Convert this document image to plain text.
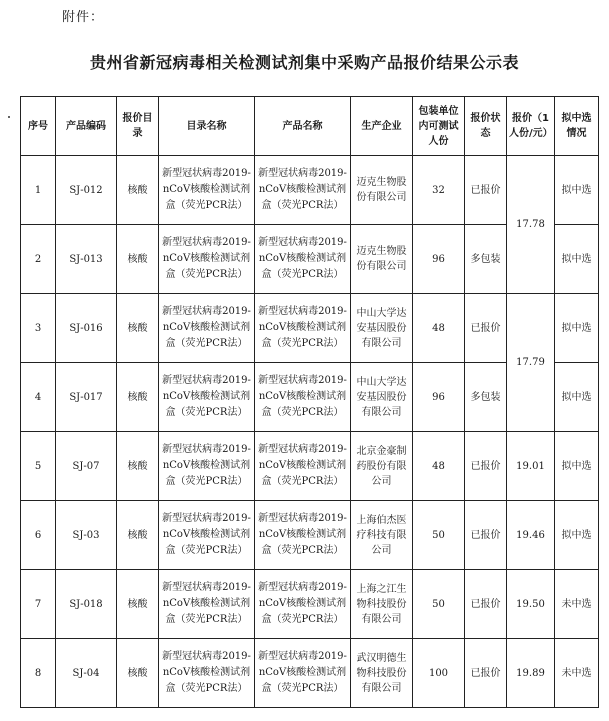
附件：
贵州省新冠病毒相关检测试剂集中采购产品报价结果公示表
序号	产品编码	报价目录	目录名称	产品名称	生产企业	包装单位内可测试人份	报价状态	报价（1人份/元）	拟中选情况
1	SJ-012	核酸	新型冠状病毒2019-nCoV核酸检测试剂盒（荧光PCR法）	新型冠状病毒2019-nCoV核酸检测试剂盒（荧光PCR法）	迈克生物股份有限公司	32	已报价	17.78	拟中选
2	SJ-013	核酸	新型冠状病毒2019-nCoV核酸检测试剂盒（荧光PCR法）	新型冠状病毒2019-nCoV核酸检测试剂盒（荧光PCR法）	迈克生物股份有限公司	96	多包装		拟中选
3	SJ-016	核酸	新型冠状病毒2019-nCoV核酸检测试剂盒（荧光PCR法）	新型冠状病毒2019-nCoV核酸检测试剂盒（荧光PCR法）	中山大学达安基因股份有限公司	48	已报价	17.79	拟中选
4	SJ-017	核酸	新型冠状病毒2019-nCoV核酸检测试剂盒（荧光PCR法）	新型冠状病毒2019-nCoV核酸检测试剂盒（荧光PCR法）	中山大学达安基因股份有限公司	96	多包装		拟中选
5	SJ-07	核酸	新型冠状病毒2019-nCoV核酸检测试剂盒（荧光PCR法）	新型冠状病毒2019-nCoV核酸检测试剂盒（荧光PCR法）	北京金豪制药股份有限公司	48	已报价	19.01	拟中选
6	SJ-03	核酸	新型冠状病毒2019-nCoV核酸检测试剂盒（荧光PCR法）	新型冠状病毒2019-nCoV核酸检测试剂盒（荧光PCR法）	上海伯杰医疗科技有限公司	50	已报价	19.46	拟中选
7	SJ-018	核酸	新型冠状病毒2019-nCoV核酸检测试剂盒（荧光PCR法）	新型冠状病毒2019-nCoV核酸检测试剂盒（荧光PCR法）	上海之江生物科技股份有限公司	50	已报价	19.50	未中选
8	SJ-04	核酸	新型冠状病毒2019-nCoV核酸检测试剂盒（荧光PCR法）	新型冠状病毒2019-nCoV核酸检测试剂盒（荧光PCR法）	武汉明德生物科技股份有限公司	100	已报价	19.89	未中选
